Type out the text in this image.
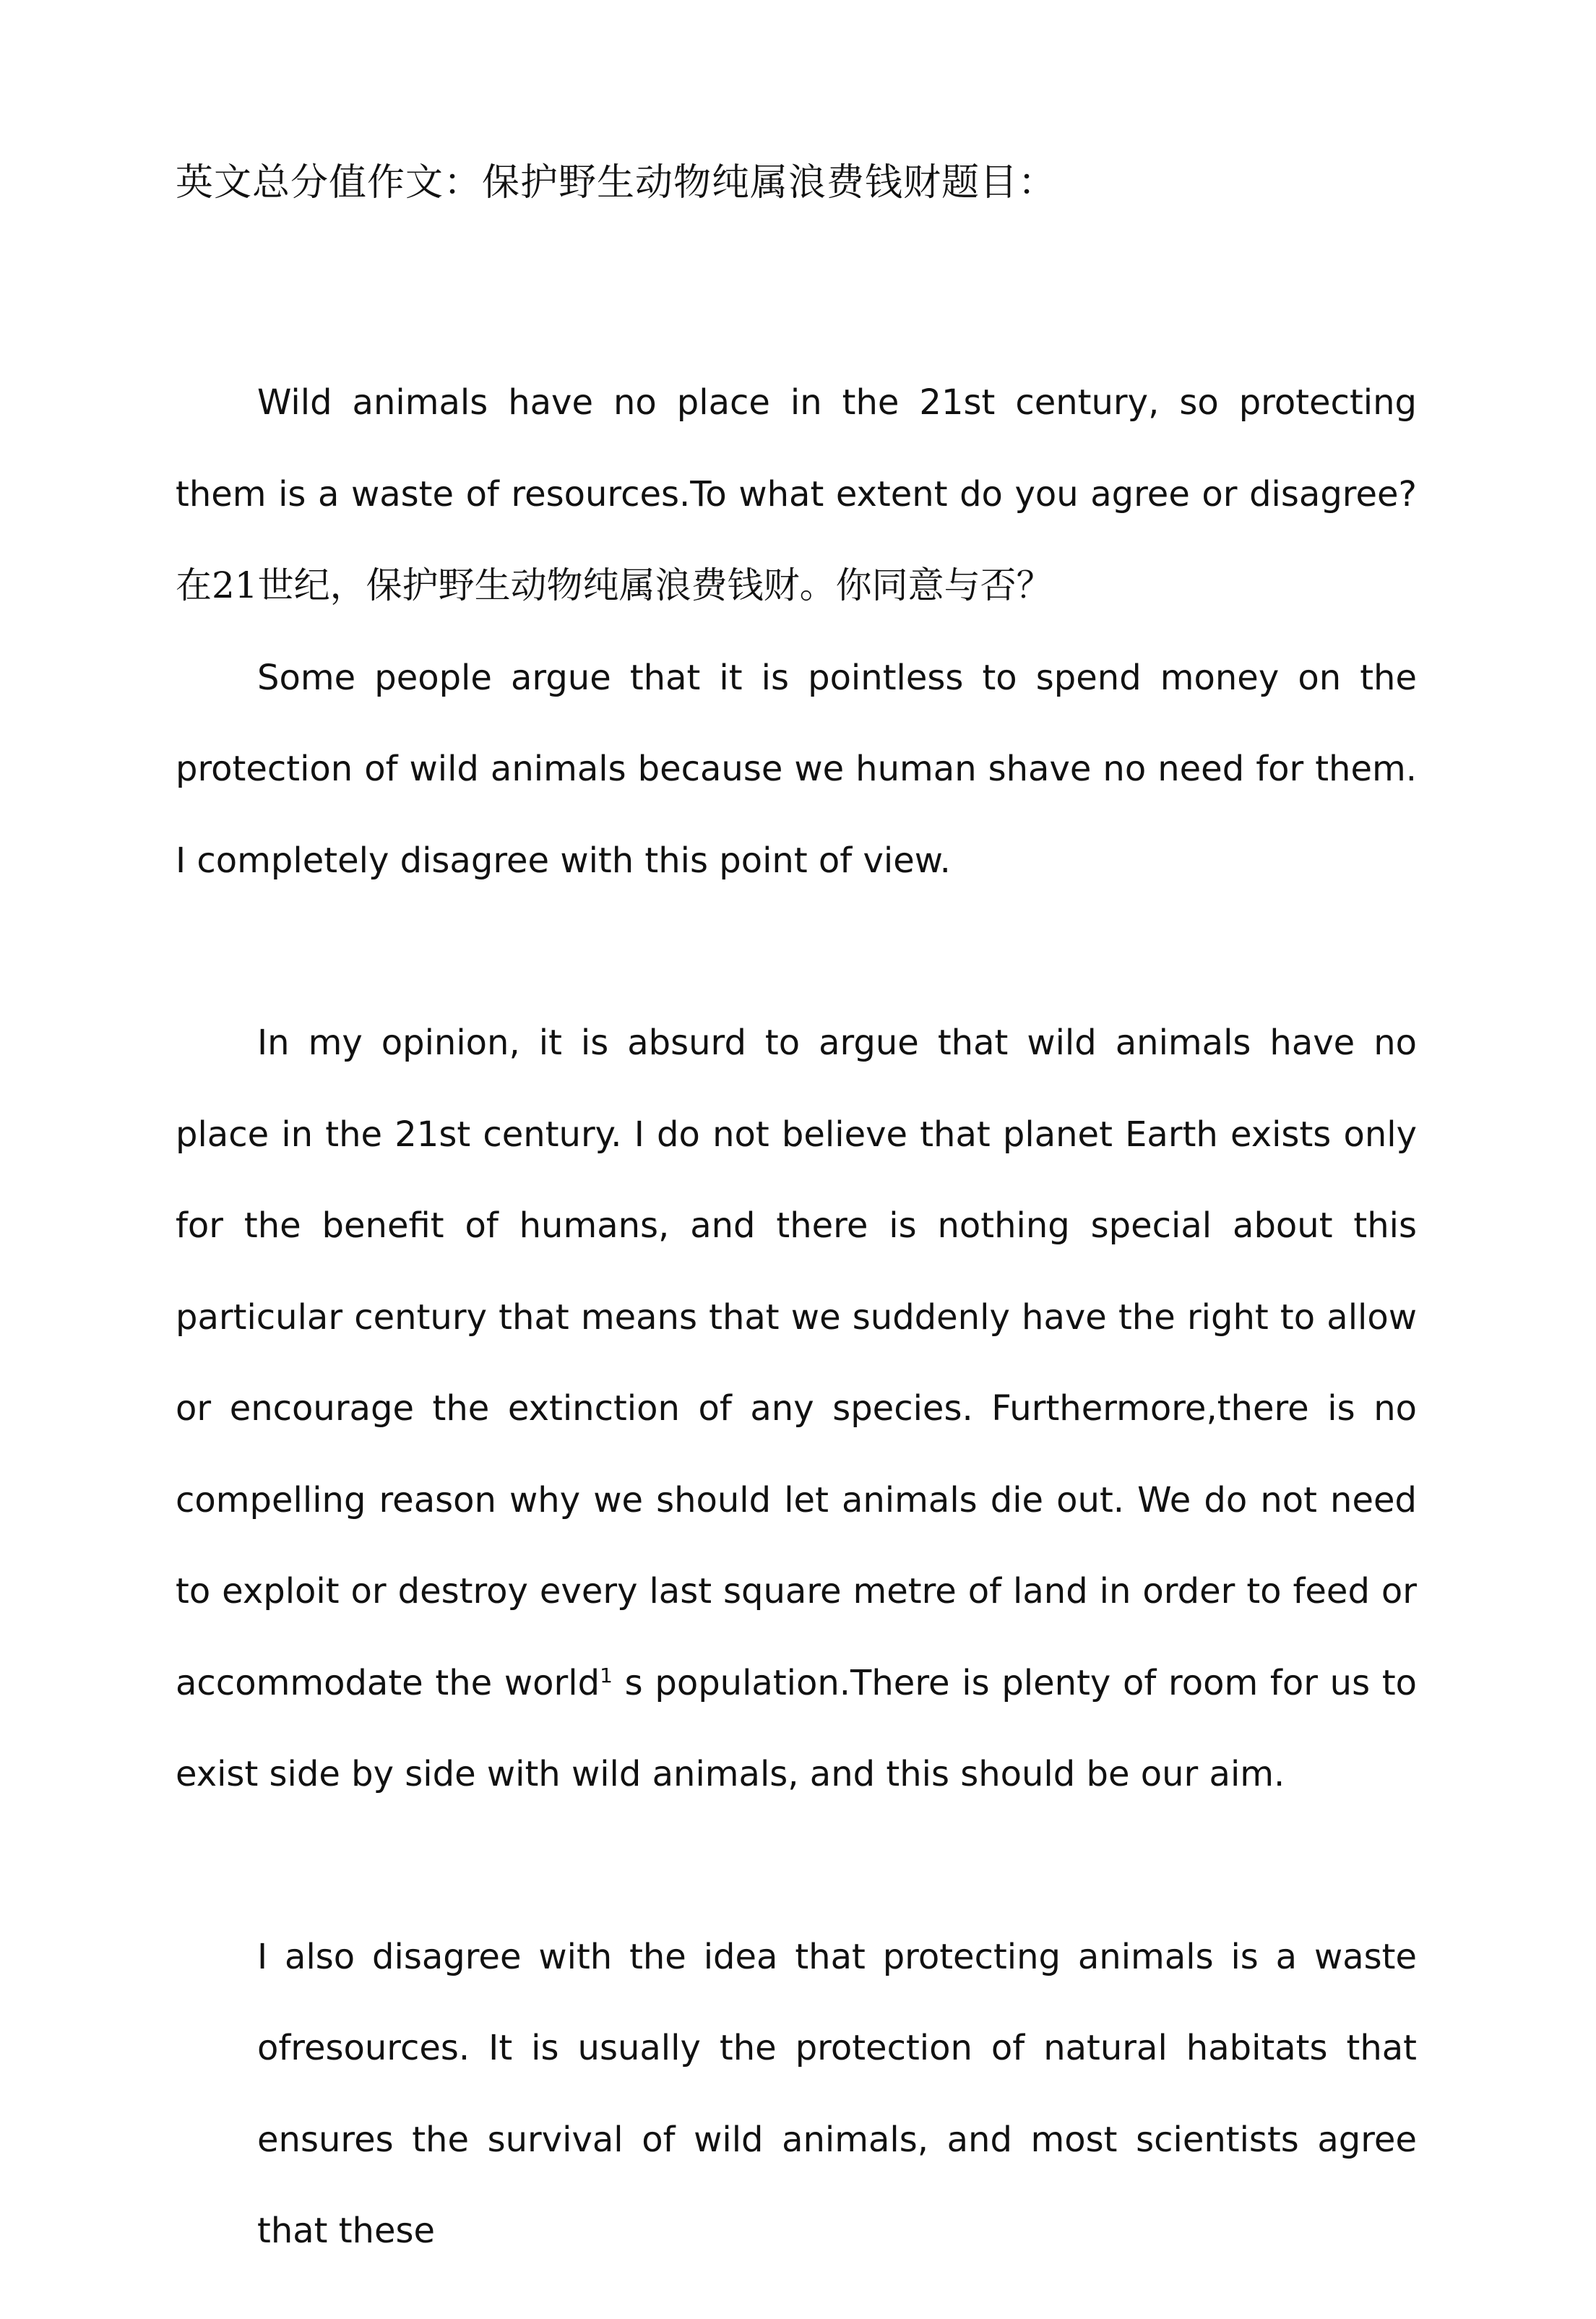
英文总分值作文：保护野生动物纯属浪费钱财题目：

Wild animals have no place in the 21st century, so protecting them is a waste of resources.To what extent do you agree or disagree? 在21世纪，保护野生动物纯属浪费钱财。你同意与否？

Some people argue that it is pointless to spend money on the protection of wild animals because we human shave no need for them. I completely disagree with this point of view.

In my opinion, it is absurd to argue that wild animals have no place in the 21st century. I do not believe that planet Earth exists only for the benefit of humans, and there is nothing special about this particular century that means that we suddenly have the right to allow or encourage the extinction of any species. Furthermore,there is no compelling reason why we should let animals die out. We do not need to exploit or destroy every last square metre of land in order to feed or accommodate the world$^1$ s population.There is plenty of room for us to exist side by side with wild animals, and this should be our aim.

I also disagree with the idea that protecting animals is a waste ofresources. It is usually the protection of natural habitats that ensures the survival of wild animals, and most scientists agree that these
